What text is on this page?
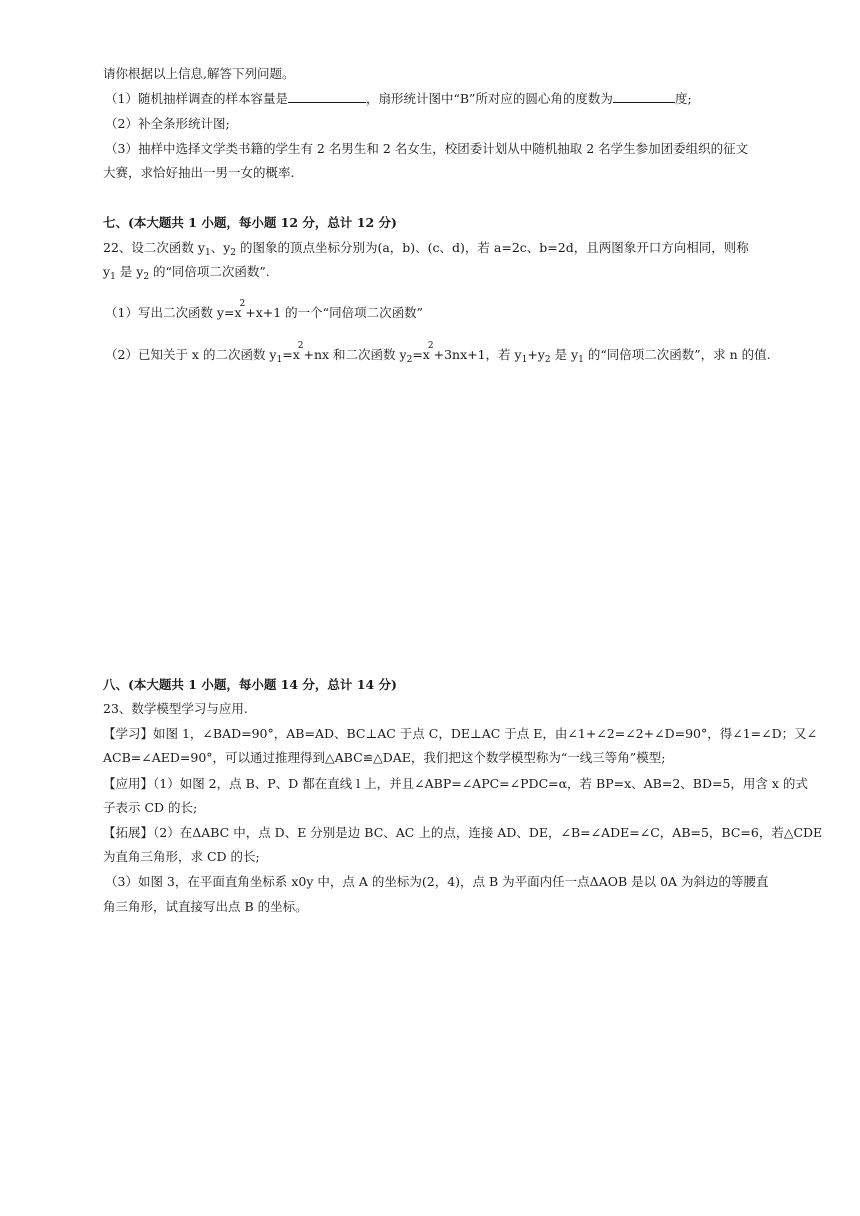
请你根据以上信息,解答下列问题。
（1）随机抽样调查的样本容量是	，扇形统计图中“B”所对应的圆心角的度数为	度;
（2）补全条形统计图;
（3）抽样中选择文学类书籍的学生有 2 名男生和 2 名女生，校团委计划从中随机抽取 2 名学生参加团委组织的征文
大赛，求恰好抽出一男一女的概率.
七、(本大题共 1 小题，每小题 12 分，总计 12 分)
22、设二次函数 $y_1$、$y_2$ 的图象的顶点坐标分别为(a，b)、(c、d)，若 a=2c、b=2d，且两图象开口方向相同，则称
$y_1$ 是 $y_2$ 的“同倍项二次函数”.
（1）写出二次函数 $y=x^2+x+1$ 的一个“同倍项二次函数”
（2）已知关于 x 的二次函数 $y_1=x^2+nx$ 和二次函数 $y_2=x^2+3nx+1$，若 $y_1+y_2$ 是 $y_1$ 的“同倍项二次函数”，求 n 的值.
八、(本大题共 1 小题，每小题 14 分，总计 14 分)
23、数学模型学习与应用.
【学习】如图 1，∠BAD=90°，AB=AD、BC⊥AC 于点 C，DE⊥AC 于点 E，由∠1+∠2=∠2+∠D=90°，得∠1=∠D；又∠
ACB=∠AED=90°，可以通过推理得到△ABC≌△DAE，我们把这个数学模型称为“一线三等角”模型;
【应用】（1）如图 2，点 B、P、D 都在直线 l 上，并且∠ABP=∠APC=∠PDC=α，若 BP=x、AB=2、BD=5，用含 x 的式
子表示 CD 的长;
【拓展】（2）在ΔABC 中，点 D、E 分别是边 BC、AC 上的点，连接 AD、DE，∠B=∠ADE=∠C，AB=5，BC=6，若△CDE
为直角三角形，求 CD 的长;
（3）如图 3，在平面直角坐标系 x0y 中，点 A 的坐标为(2，4)，点 B 为平面内任一点ΔAOB 是以 0A 为斜边的等腰直
角三角形，试直接写出点 B 的坐标。
